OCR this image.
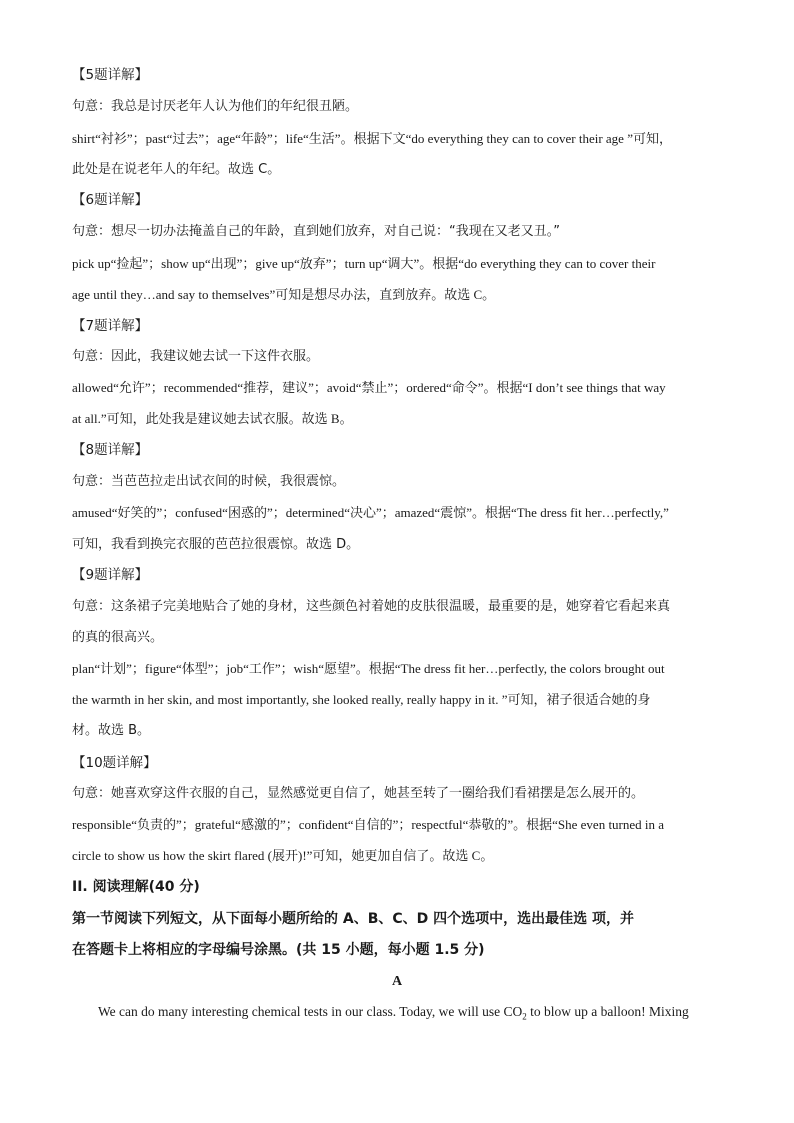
【5题详解】
句意：我总是讨厌老年人认为他们的年纪很丑陋。
shirt“衬衫”；past“过去”；age“年龄”；life“生活”。根据下文“do everything they can to cover their age ”可知，
此处是在说老年人的年纪。故选 C。
【6题详解】
句意：想尽一切办法掩盖自己的年龄，直到她们放弃，对自己说：“我现在又老又丑。”
pick up“捡起”；show up“出现”；give up“放弃”；turn up“调大”。根据“do everything they can to cover their
age until they…and say to themselves”可知是想尽办法，直到放弃。故选 C。
【7题详解】
句意：因此，我建议她去试一下这件衣服。
allowed“允许”；recommended“推荐，建议”；avoid“禁止”；ordered“命令”。根据“I don’t see things that way
at all.”可知，此处我是建议她去试衣服。故选 B。
【8题详解】
句意：当芭芭拉走出试衣间的时候，我很震惊。
amused“好笑的”；confused“困惑的”；determined“决心”；amazed“震惊”。根据“The dress fit her…perfectly,”
可知，我看到换完衣服的芭芭拉很震惊。故选 D。
【9题详解】
句意：这条裙子完美地贴合了她的身材，这些颜色衬着她的皮肤很温暖，最重要的是，她穿着它看起来真
的真的很高兴。
plan“计划”；figure“体型”；job“工作”；wish“愿望”。根据“The dress fit her…perfectly, the colors brought out
the warmth in her skin, and most importantly, she looked really, really happy in it. ”可知，裙子很适合她的身
材。故选 B。
【10题详解】
句意：她喜欢穿这件衣服的自己，显然感觉更自信了，她甚至转了一圈给我们看裙摆是怎么展开的。
responsible“负责的”；grateful“感激的”；confident“自信的”；respectful“恭敬的”。根据“She even turned in a
circle to show us how the skirt flared (展开)!”可知，她更加自信了。故选 C。
II. 阅读理解(40 分)
第一节阅读下列短文，从下面每小题所给的 A、B、C、D 四个选项中，选出最佳选 项，并
在答题卡上将相应的字母编号涂黑。(共 15 小题，每小题 1.5 分)
A
We can do many interesting chemical tests in our class. Today, we will use $CO_2$ to blow up a balloon! Mixing
